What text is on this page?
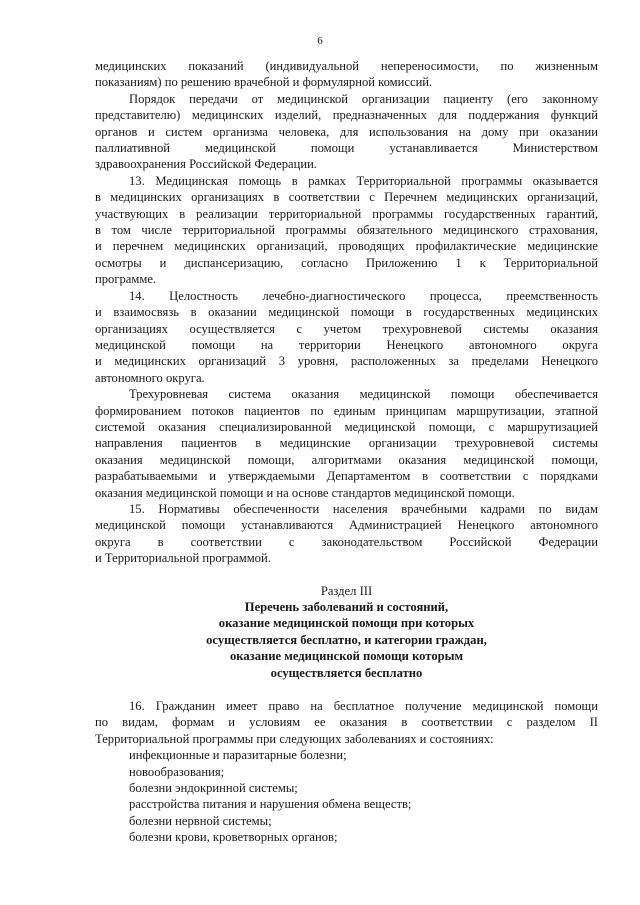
6
медицинских показаний (индивидуальной непереносимости, по жизненным
показаниям) по решению врачебной и формулярной комиссий.
Порядок передачи от медицинской организации пациенту (его законному
представителю) медицинских изделий, предназначенных для поддержания функций
органов и систем организма человека, для использования на дому при оказании
паллиативной медицинской помощи устанавливается Министерством
здравоохранения Российской Федерации.
13. Медицинская помощь в рамках Территориальной программы оказывается
в медицинских организациях в соответствии с Перечнем медицинских организаций,
участвующих в реализации территориальной программы государственных гарантий,
в том числе территориальной программы обязательного медицинского страхования,
и перечнем медицинских организаций, проводящих профилактические медицинские
осмотры и диспансеризацию, согласно Приложению 1 к Территориальной
программе.
14. Целостность лечебно-диагностического процесса, преемственность
и взаимосвязь в оказании медицинской помощи в государственных медицинских
организациях осуществляется с учетом трехуровневой системы оказания
медицинской помощи на территории Ненецкого автономного округа
и медицинских организаций 3 уровня, расположенных за пределами Ненецкого
автономного округа.
Трехуровневая система оказания медицинской помощи обеспечивается
формированием потоков пациентов по единым принципам маршрутизации, этапной
системой оказания специализированной медицинской помощи, с маршрутизацией
направления пациентов в медицинские организации трехуровневой системы
оказания медицинской помощи, алгоритмами оказания медицинской помощи,
разрабатываемыми и утверждаемыми Департаментом в соответствии с порядками
оказания медицинской помощи и на основе стандартов медицинской помощи.
15. Нормативы обеспеченности населения врачебными кадрами по видам
медицинской помощи устанавливаются Администрацией Ненецкого автономного
округа в соответствии с законодательством Российской Федерации
и Территориальной программой.
Раздел III
Перечень заболеваний и состояний,
оказание медицинской помощи при которых
осуществляется бесплатно, и категории граждан,
оказание медицинской помощи которым
осуществляется бесплатно
16. Гражданин имеет право на бесплатное получение медицинской помощи
по видам, формам и условиям ее оказания в соответствии с разделом II
Территориальной программы при следующих заболеваниях и состояниях:
инфекционные и паразитарные болезни;
новообразования;
болезни эндокринной системы;
расстройства питания и нарушения обмена веществ;
болезни нервной системы;
болезни крови, кроветворных органов;
